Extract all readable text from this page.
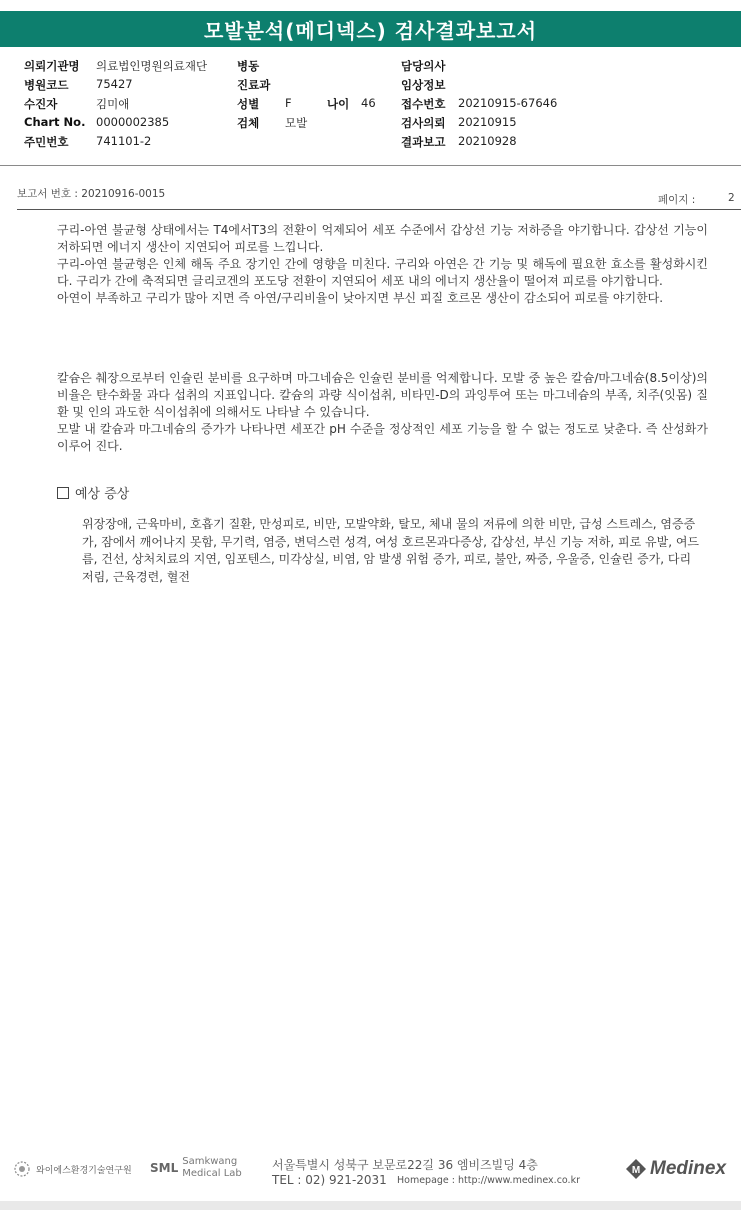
모발분석(메디넥스) 검사결과보고서
의뢰기관명 의료법인명원의료재단
병원코드 75427
수진자	김미애
Chart No. 0000002385
주민번호 741101-2
병동
진료과
성별 F	나이 46
검체 모발
담당의사
임상정보
접수번호 20210915-67646
검사의뢰 20210915
결과보고 20210928
보고서 번호 : 20210916-0015	페이지 :	2

구리-아연 불균형 상태에서는 T4에서T3의 전환이 억제되어 세포 수준에서 갑상선 기능 저하증을 야기합니다. 갑상선 기능이 저하되면 에너지 생산이 지연되어 피로를 느낍니다.

구리-아연 불균형은 인체 해독 주요 장기인 간에 영향을 미친다. 구리와 아연은 간 기능 및 해독에 필요한 효소를 활성화시킨다. 구리가 간에 축적되면 글리코겐의 포도당 전환이 지연되어 세포 내의 에너지 생산율이 떨어져 피로를 야기합니다.

아연이 부족하고 구리가 많아 지면 즉 아연/구리비율이 낮아지면 부신 피질 호르몬 생산이 감소되어 피로를 야기한다.

칼슘은 췌장으로부터 인슐린 분비를 요구하며 마그네슘은 인슐린 분비를 억제합니다. 모발 중 높은 칼슘/마그네슘(8.5이상)의 비율은 탄수화물 과다 섭취의 지표입니다. 칼슘의 과량 식이섭취, 비타민-D의 과잉투여 또는 마그네슘의 부족, 치주(잇몸) 질환 및 인의 과도한 식이섭취에 의해서도 나타날 수 있습니다.

모발 내 칼슘과 마그네슘의 증가가 나타나면 세포간 pH 수준을 정상적인 세포 기능을 할 수 없는 정도로 낮춘다. 즉 산성화가 이루어 진다.

예상 증상
위장장애, 근육마비, 호흡기 질환, 만성피로, 비만, 모발약화, 탈모, 체내 물의 저류에 의한 비만, 급성 스트레스, 염증증가, 잠에서 깨어나지 못함, 무기력, 염증, 변덕스런 성격, 여성 호르몬과다증상, 갑상선, 부신 기능 저하, 피로 유발, 여드름, 건선, 상처치료의 지연, 임포텐스, 미각상실, 비염, 암 발생 위험 증가, 피로, 불안, 짜증, 우울증, 인슐린 증가, 다리 저림, 근육경련, 혈전
와이에스환경기술연구원 SML Samkwang
Medical Lab
서울특별시 성북구 보문로22길 36 엠비즈빌딩 4층
TEL : 02) 921-2031 Homepage : http://www.medinex.co.kr
M Medinex
